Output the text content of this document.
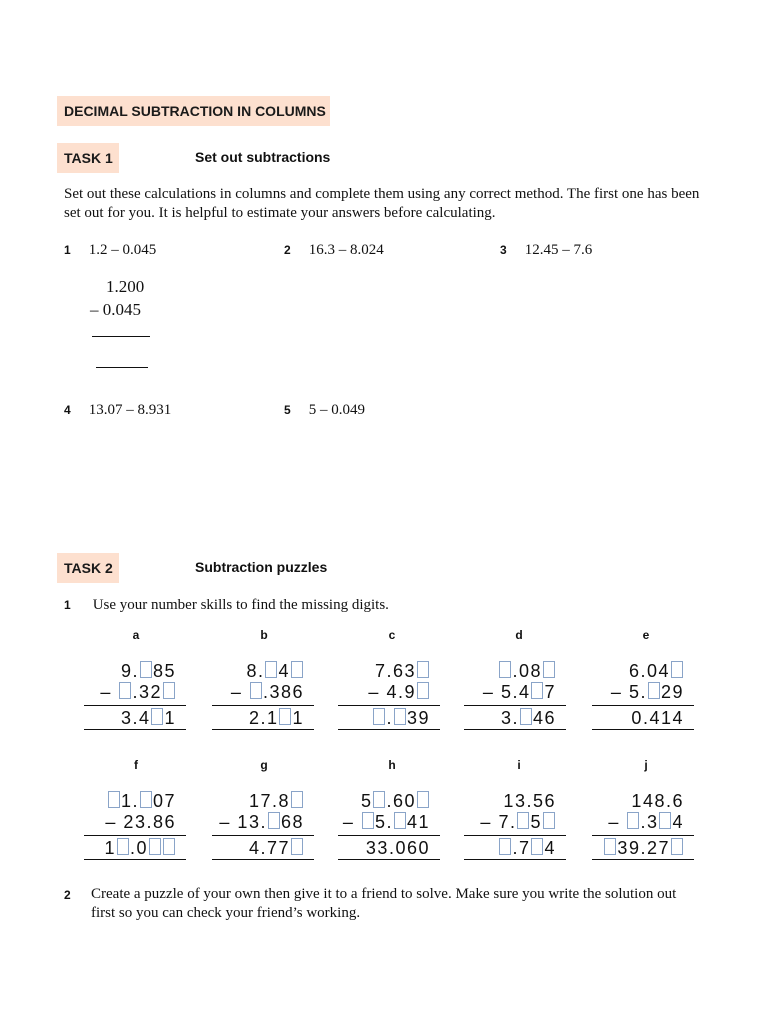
DECIMAL SUBTRACTION IN COLUMNS
TASK 1	Set out subtractions
Set out these calculations in columns and complete them using any correct method. The first one has been set out for you. It is helpful to estimate your answers before calculating.
1 1.2 – 0.045	2 16.3 – 8.024	3 12.45 – 7.6
1.200
– 0.045
4 13.07 – 8.931	5 5 – 0.049
TASK 2	Subtraction puzzles
1 Use your number skills to find the missing digits.
a	b	c	d	e
f	g	h	i	j
9. 85
– .32
3.4 1
8. 4
– .386
2.1 1
7.63
– 4.9
. 39
.08
– 5.4 7
3. 46
6.04
– 5. 29
0.414
1. 07
– 23.86
1 .0
17.8
– 13. 68
4.77
5 .60
– 5. 41
33.060
13.56
– 7. 5
.7 4
148.6
– .3 4
39.27
2 Create a puzzle of your own then give it to a friend to solve. Make sure you write the solution out first so you can check your friend’s working.
